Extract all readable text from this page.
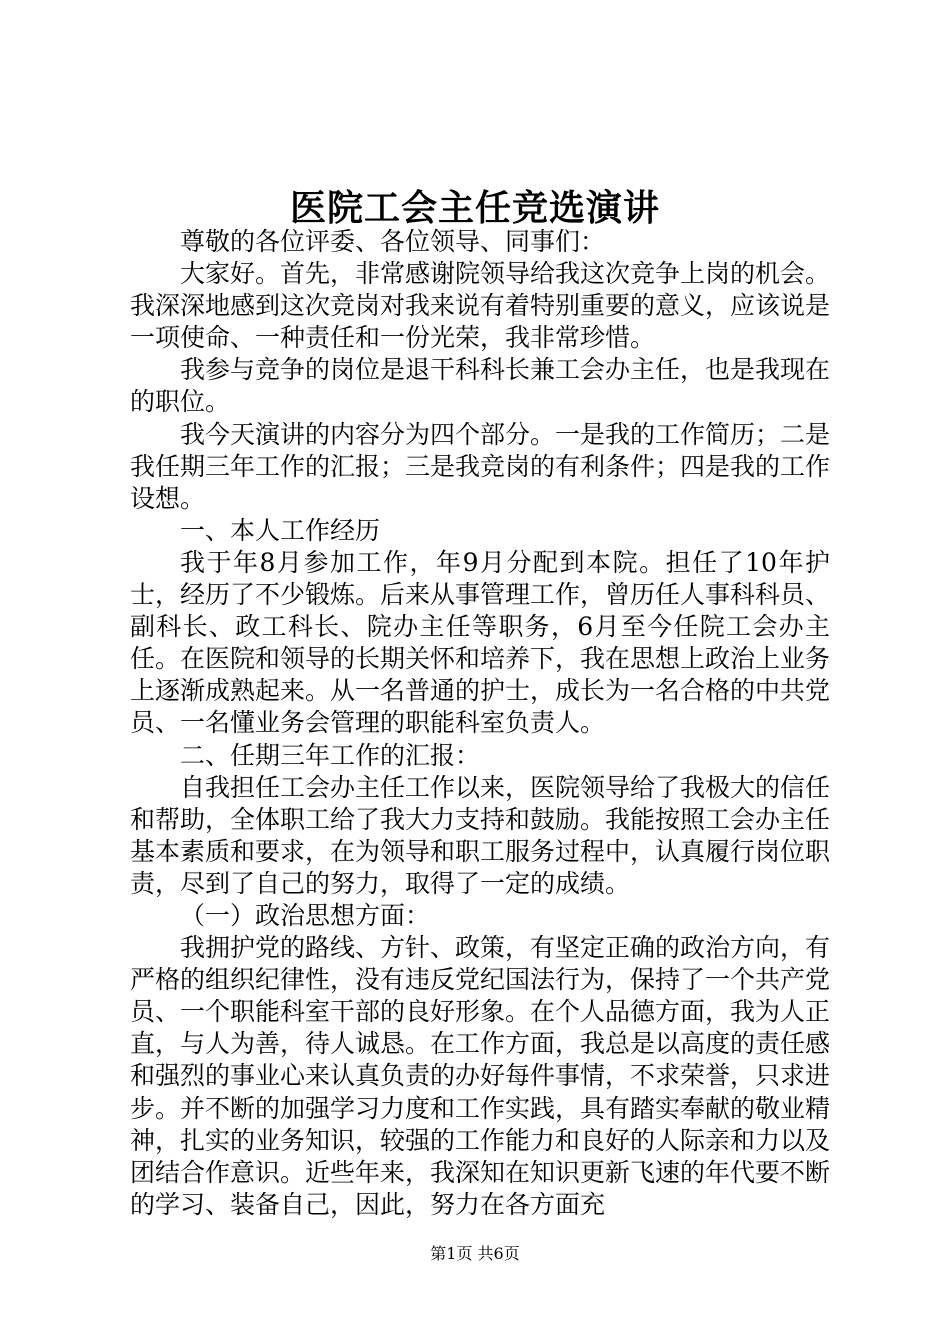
医院工会主任竞选演讲

尊敬的各位评委、各位领导、同事们：

大家好。首先，非常感谢院领导给我这次竞争上岗的机会。我深深地感到这次竞岗对我来说有着特别重要的意义，应该说是一项使命、一种责任和一份光荣，我非常珍惜。

我参与竞争的岗位是退干科科长兼工会办主任，也是我现在的职位。

我今天演讲的内容分为四个部分。一是我的工作简历；二是我任期三年工作的汇报；三是我竞岗的有利条件；四是我的工作设想。

一、本人工作经历

我于年8月参加工作，年9月分配到本院。担任了10年护士，经历了不少锻炼。后来从事管理工作，曾历任人事科科员、副科长、政工科长、院办主任等职务，6月至今任院工会办主任。在医院和领导的长期关怀和培养下，我在思想上政治上业务上逐渐成熟起来。从一名普通的护士，成长为一名合格的中共党员、一名懂业务会管理的职能科室负责人。

二、任期三年工作的汇报：

自我担任工会办主任工作以来，医院领导给了我极大的信任和帮助，全体职工给了我大力支持和鼓励。我能按照工会办主任基本素质和要求，在为领导和职工服务过程中，认真履行岗位职责，尽到了自己的努力，取得了一定的成绩。

（一）政治思想方面：

我拥护党的路线、方针、政策，有坚定正确的政治方向，有严格的组织纪律性，没有违反党纪国法行为，保持了一个共产党员、一个职能科室干部的良好形象。在个人品德方面，我为人正直，与人为善，待人诚恳。在工作方面，我总是以高度的责任感和强烈的事业心来认真负责的办好每件事情，不求荣誉，只求进步。并不断的加强学习力度和工作实践，具有踏实奉献的敬业精神，扎实的业务知识，较强的工作能力和良好的人际亲和力以及团结合作意识。近些年来，我深知在知识更新飞速的年代要不断的学习、装备自己，因此，努力在各方面充

第1页 共6页
